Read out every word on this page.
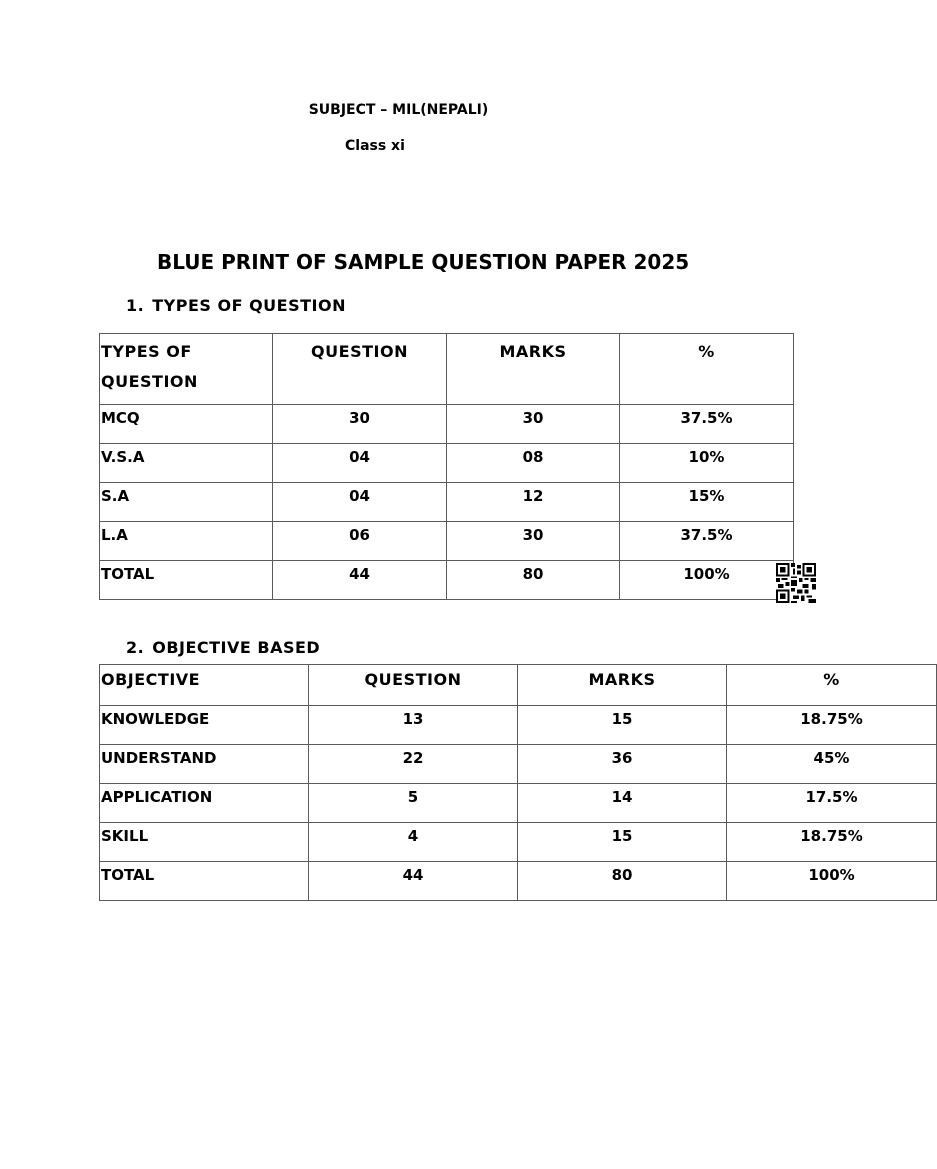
SUBJECT – MIL(NEPALI)
Class xi
BLUE PRINT OF SAMPLE QUESTION PAPER 2025
1. TYPES OF QUESTION
TYPES OF QUESTION	QUESTION	MARKS	%
MCQ	30	30	37.5%
V.S.A	04	08	10%
S.A	04	12	15%
L.A	06	30	37.5%
TOTAL	44	80	100%
2. OBJECTIVE BASED
OBJECTIVE	QUESTION	MARKS	%
KNOWLEDGE	13	15	18.75%
UNDERSTAND	22	36	45%
APPLICATION	5	14	17.5%
SKILL	4	15	18.75%
TOTAL	44	80	100%
